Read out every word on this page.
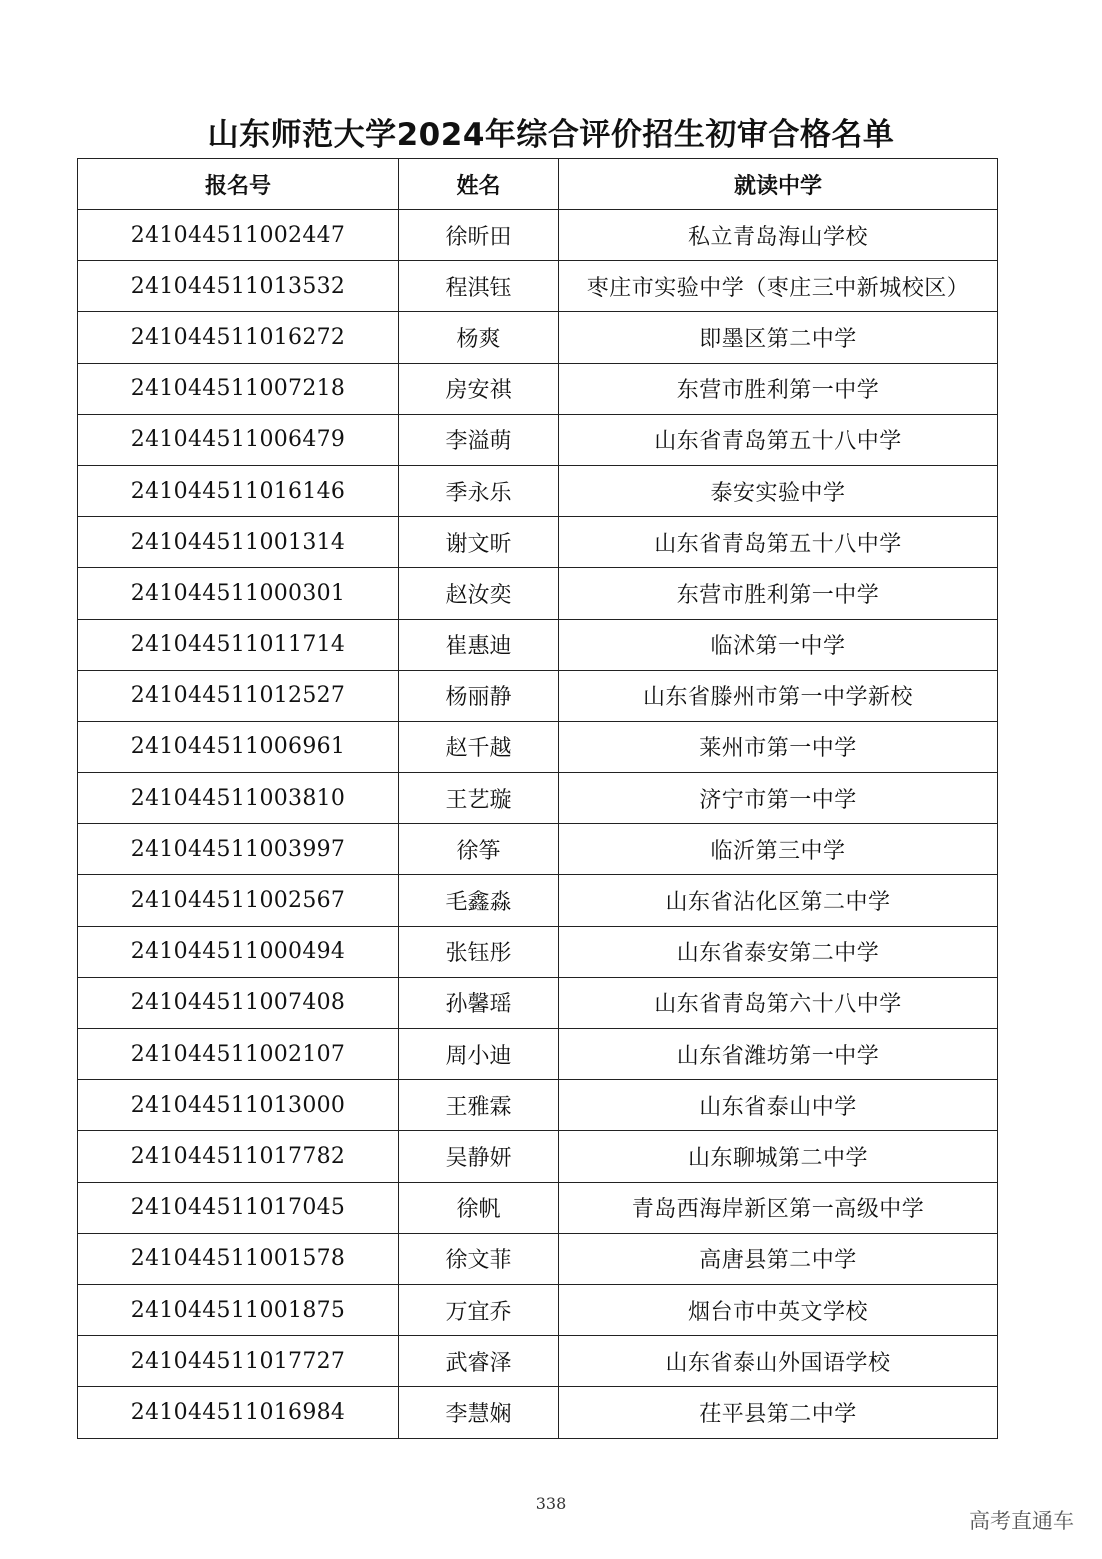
山东师范大学2024年综合评价招生初审合格名单
报名号	姓名	就读中学
241044511002447	徐昕田	私立青岛海山学校
241044511013532	程淇钰	枣庄市实验中学（枣庄三中新城校区）
241044511016272	杨爽	即墨区第二中学
241044511007218	房安祺	东营市胜利第一中学
241044511006479	李溢萌	山东省青岛第五十八中学
241044511016146	季永乐	泰安实验中学
241044511001314	谢文昕	山东省青岛第五十八中学
241044511000301	赵汝奕	东营市胜利第一中学
241044511011714	崔惠迪	临沭第一中学
241044511012527	杨丽静	山东省滕州市第一中学新校
241044511006961	赵千越	莱州市第一中学
241044511003810	王艺璇	济宁市第一中学
241044511003997	徐筝	临沂第三中学
241044511002567	毛鑫淼	山东省沾化区第二中学
241044511000494	张钰彤	山东省泰安第二中学
241044511007408	孙馨瑶	山东省青岛第六十八中学
241044511002107	周小迪	山东省潍坊第一中学
241044511013000	王雅霖	山东省泰山中学
241044511017782	吴静妍	山东聊城第二中学
241044511017045	徐帆	青岛西海岸新区第一高级中学
241044511001578	徐文菲	高唐县第二中学
241044511001875	万宜乔	烟台市中英文学校
241044511017727	武睿泽	山东省泰山外国语学校
241044511016984	李慧娴	茌平县第二中学
338
高考直通车
